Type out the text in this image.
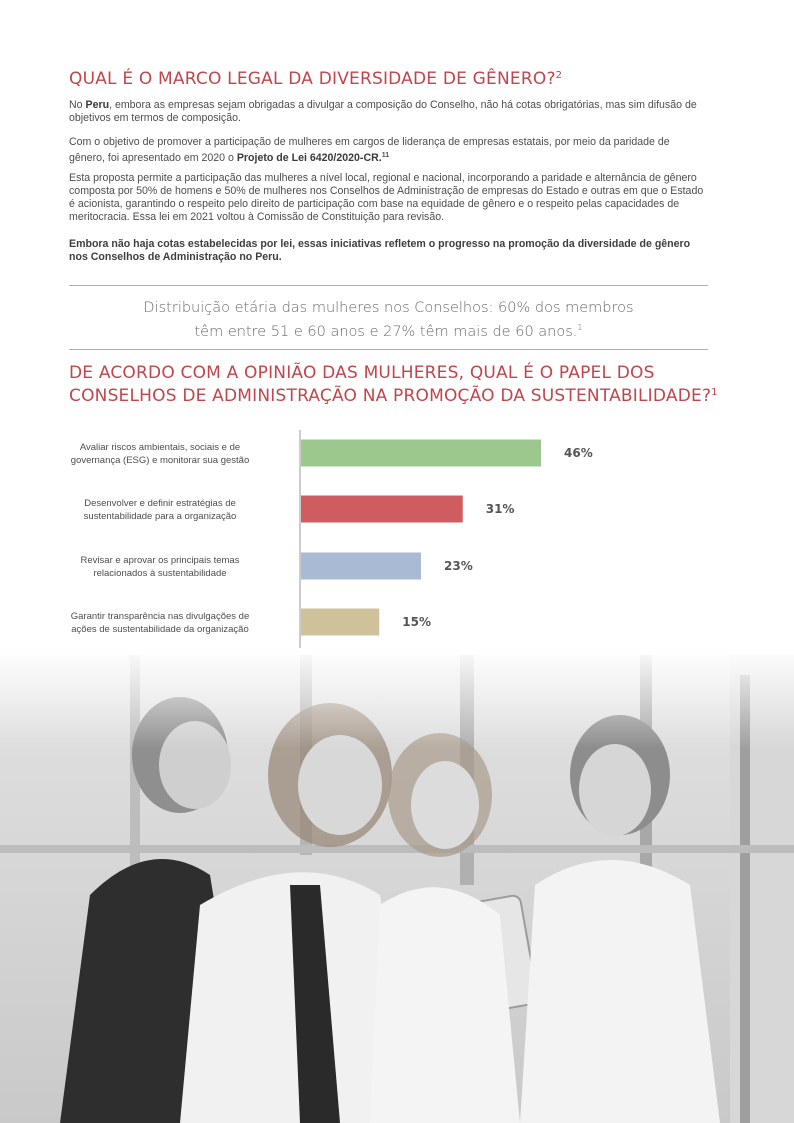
QUAL É O MARCO LEGAL DA DIVERSIDADE DE GÊNERO?$^2$

No Peru, embora as empresas sejam obrigadas a divulgar a composição do Conselho, não há cotas obrigatórias, mas sim difusão de objetivos em termos de composição.

Com o objetivo de promover a participação de mulheres em cargos de liderança de empresas estatais, por meio da paridade de gênero, foi apresentado em 2020 o Projeto de Lei 6420/2020-CR.$^{11}$

Esta proposta permite a participação das mulheres a nível local, regional e nacional, incorporando a paridade e alternância de gênero composta por 50% de homens e 50% de mulheres nos Conselhos de Administração de empresas do Estado e outras em que o Estado é acionista, garantindo o respeito pelo direito de participação com base na equidade de gênero e o respeito pelas capacidades de meritocracia. Essa lei em 2021 voltou à Comissão de Constituição para revisão.

Embora não haja cotas estabelecidas por lei, essas iniciativas refletem o progresso na promoção da diversidade de gênero nos Conselhos de Administração no Peru.

Distribuição etária das mulheres nos Conselhos: 60% dos membros
têm entre 51 e 60 anos e 27% têm mais de 60 anos.$^1$

DE ACORDO COM A OPINIÃO DAS MULHERES, QUAL É O PAPEL DOS
CONSELHOS DE ADMINISTRAÇÃO NA PROMOÇÃO DA SUSTENTABILIDADE?$^1$
46%
Avaliar riscos ambientais, sociais e de governança (ESG) e monitorar sua gestão
31%
Desenvolver e definir estratégias de sustentabilidade para a organização
23%
Revisar e aprovar os principais temas relacionados à sustentabilidade
15%
Garantir transparência nas divulgações de ações de sustentabilidade da organização
